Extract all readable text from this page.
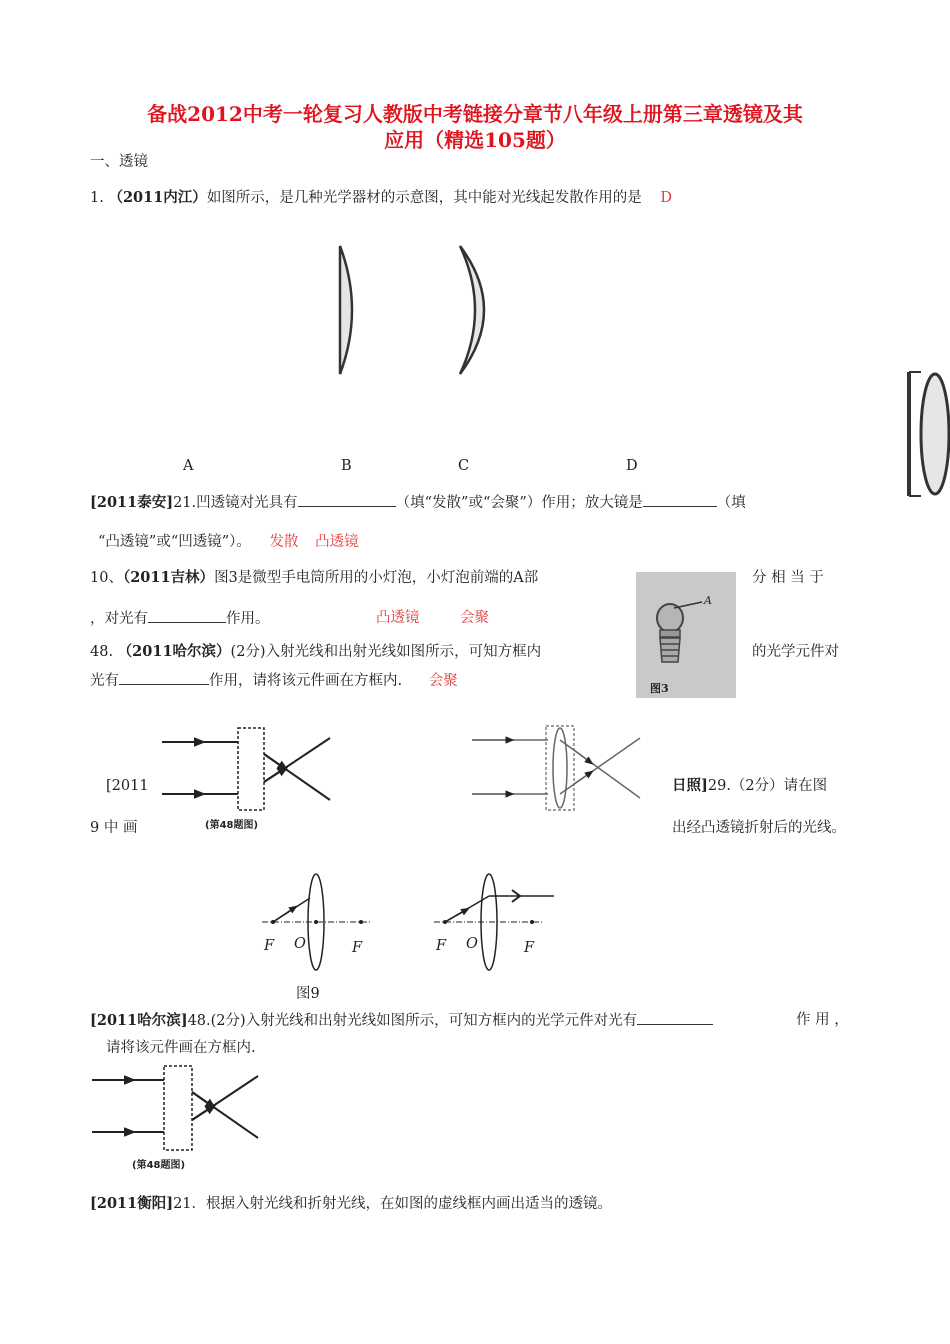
备战2012中考一轮复习人教版中考链接分章节八年级上册第三章透镜及其
应用（精选105题）
一、透镜
1. （2011内江）如图所示，是几种光学器材的示意图，其中能对光线起发散作用的是 D
A	B	C	D
[2011泰安]21.凹透镜对光具有	（填“发散”或“会聚”）作用；放大镜是	（填
“凸透镜”或“凹透镜”）。 发散 凸透镜
10、（2011吉林）图3是微型手电筒所用的小灯泡，小灯泡前端的A部	分 相 当 于
，对光有	作用。	凸透镜	会聚
A
图3
48. （2011哈尔滨）(2分)入射光线和出射光线如图所示，可知方框内	的光学元件对
光有	作用，请将该元件画在方框内. 会聚
(第48题图)
[2011	日照]29.（2分）请在图
9 中 画	出经凸透镜折射后的光线。
F O	F	F O	F
图9
[2011哈尔滨]48.(2分)入射光线和出射光线如图所示，可知方框内的光学元件对光有	作 用 ，
请将该元件画在方框内.
(第48题图)
[2011衡阳]21．根据入射光线和折射光线，在如图的虚线框内画出适当的透镜。
